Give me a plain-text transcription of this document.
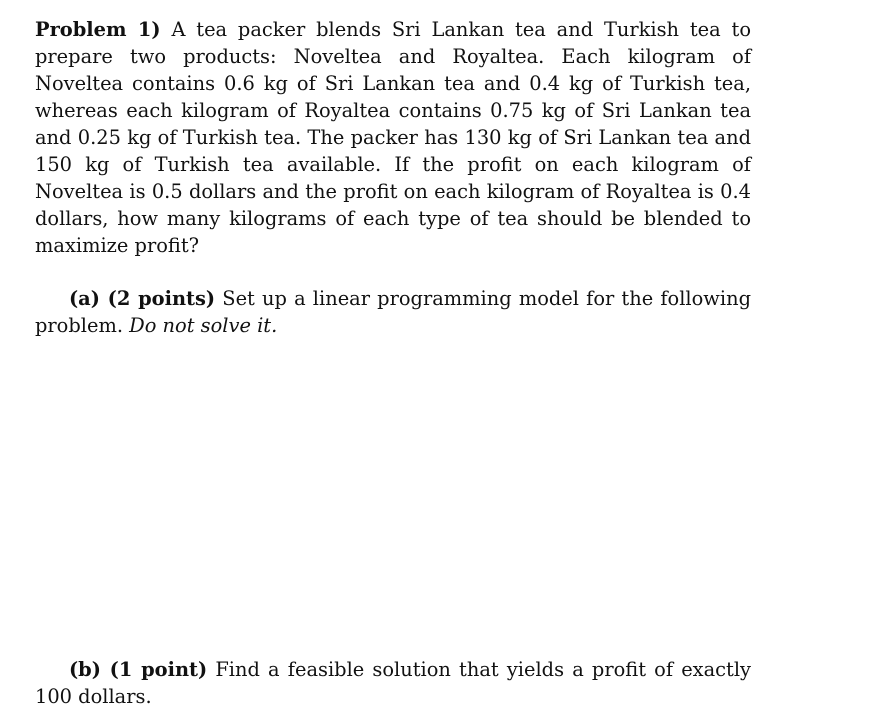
Problem 1) A tea packer blends Sri Lankan tea and Turkish tea to prepare two products: Noveltea and Royaltea. Each kilogram of Noveltea contains 0.6 kg of Sri Lankan tea and 0.4 kg of Turkish tea, whereas each kilogram of Royaltea contains 0.75 kg of Sri Lankan tea and 0.25 kg of Turkish tea. The packer has 130 kg of Sri Lankan tea and 150 kg of Turkish tea available. If the profit on each kilogram of Noveltea is 0.5 dollars and the profit on each kilogram of Royaltea is 0.4 dollars, how many kilograms of each type of tea should be blended to maximize profit?

(a) (2 points) Set up a linear programming model for the following problem. Do not solve it.

(b) (1 point) Find a feasible solution that yields a profit of exactly 100 dollars.
